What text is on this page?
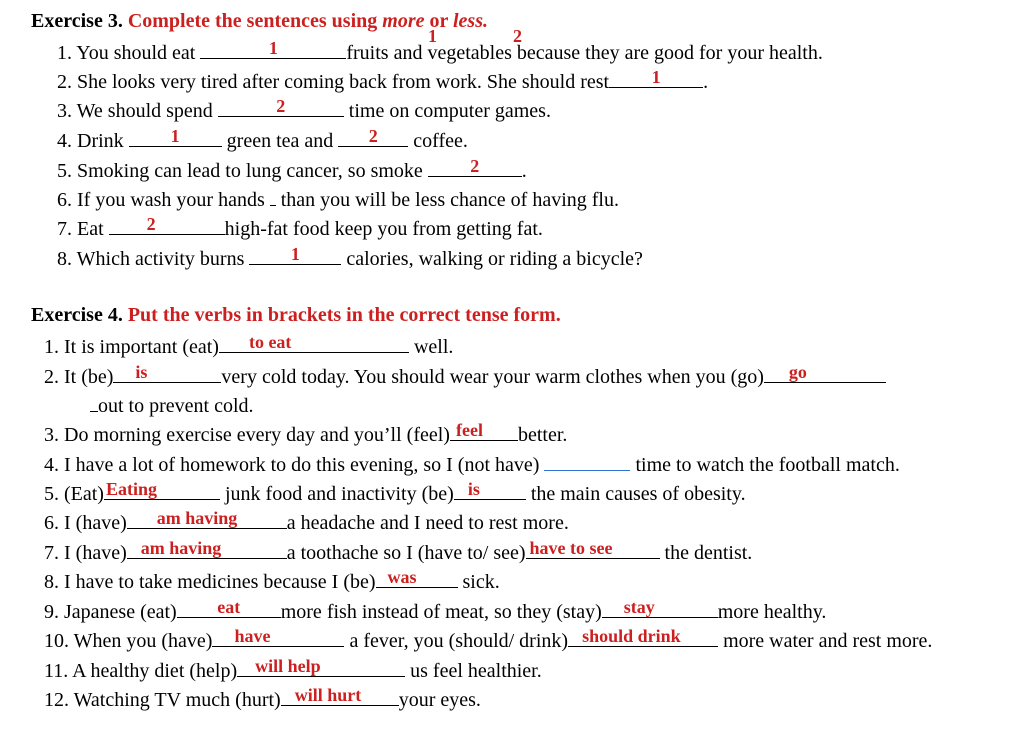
Exercise 3. Complete the sentences using more or less.
1. You should eat	1	fruits and vegetables because they are good for your health.
1	2
2. She looks very tired after coming back from work. She should rest	1	.
3. We should spend	2	time on computer games.
4. Drink	1	green tea and	2	coffee.
5. Smoking can lead to lung cancer, so smoke	2	.
6. If you wash your hands than you will be less chance of having flu.
7. Eat 2	high-fat food keep you from getting fat.
8. Which activity burns	1	calories, walking or riding a bicycle?
Exercise 4. Put the verbs in brackets in the correct tense form.
1. It is important (eat) to eat	well.
2. It (be) is	very cold today. You should wear your warm clothes when you (go) go
out to prevent cold.
3. Do morning exercise every day and you’ll (feel) feel	better.
4. I have a lot of homework to do this evening, so I (not have)	time to watch the football match.
5. (Eat) Eating	junk food and inactivity (be) is	the main causes of obesity.
6. I (have) am having	a headache and I need to rest more.
7. I (have) am having	a toothache so I (have to/ see) have to see	the dentist.
8. I have to take medicines because I (be) was	sick.
9. Japanese (eat)	eat	more fish instead of meat, so they (stay) stay	more healthy.
10. When you (have) have	a fever, you (should/ drink) should drink	more water and rest more.
11. A healthy diet (help) will help	us feel healthier.
12. Watching TV much (hurt) will hurt	your eyes.
